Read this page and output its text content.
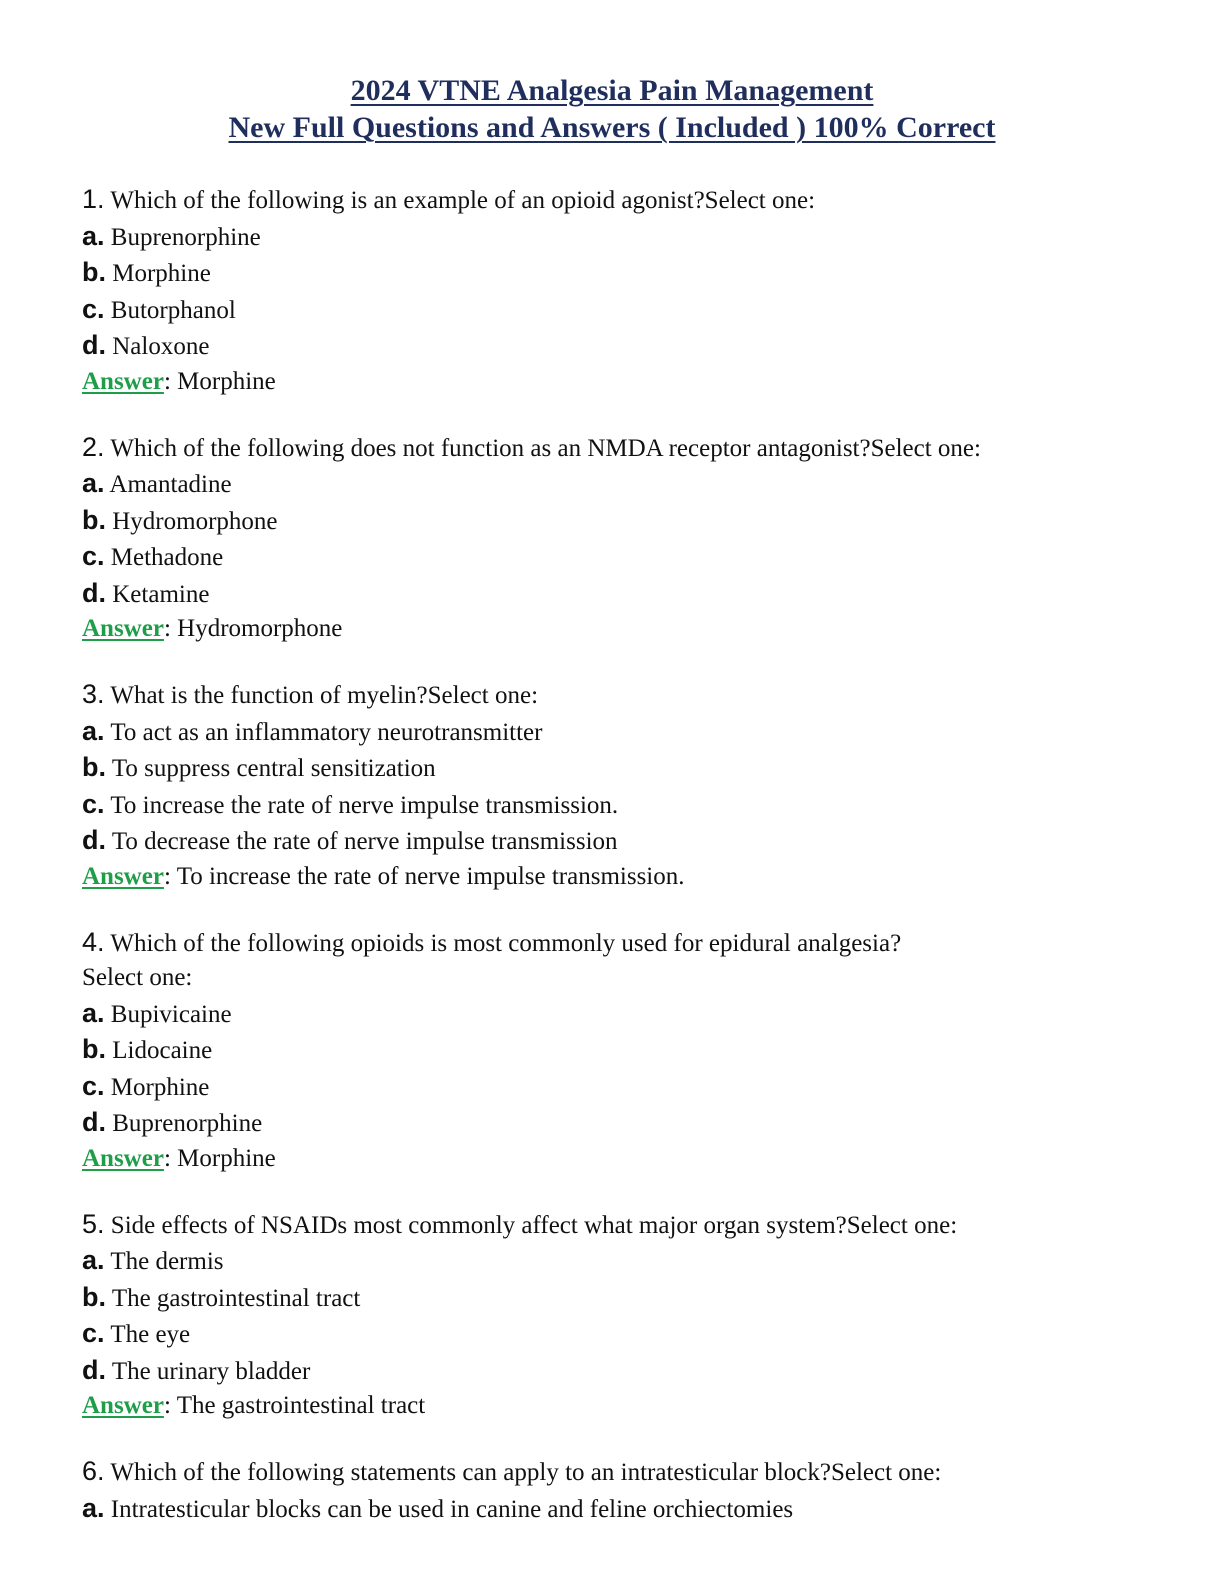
2024 VTNE Analgesia Pain Management
New Full Questions and Answers ( Included ) 100% Correct
1. Which of the following is an example of an opioid agonist?Select one:
a. Buprenorphine
b. Morphine
c. Butorphanol
d. Naloxone
Answer: Morphine
2. Which of the following does not function as an NMDA receptor antagonist?Select one:
a. Amantadine
b. Hydromorphone
c. Methadone
d. Ketamine
Answer: Hydromorphone
3. What is the function of myelin?Select one:
a. To act as an inflammatory neurotransmitter
b. To suppress central sensitization
c. To increase the rate of nerve impulse transmission.
d. To decrease the rate of nerve impulse transmission
Answer: To increase the rate of nerve impulse transmission.
4. Which of the following opioids is most commonly used for epidural analgesia?
Select one:
a. Bupivicaine
b. Lidocaine
c. Morphine
d. Buprenorphine
Answer: Morphine
5. Side effects of NSAIDs most commonly affect what major organ system?Select one:
a. The dermis
b. The gastrointestinal tract
c. The eye
d. The urinary bladder
Answer: The gastrointestinal tract
6. Which of the following statements can apply to an intratesticular block?Select one:
a. Intratesticular blocks can be used in canine and feline orchiectomies
